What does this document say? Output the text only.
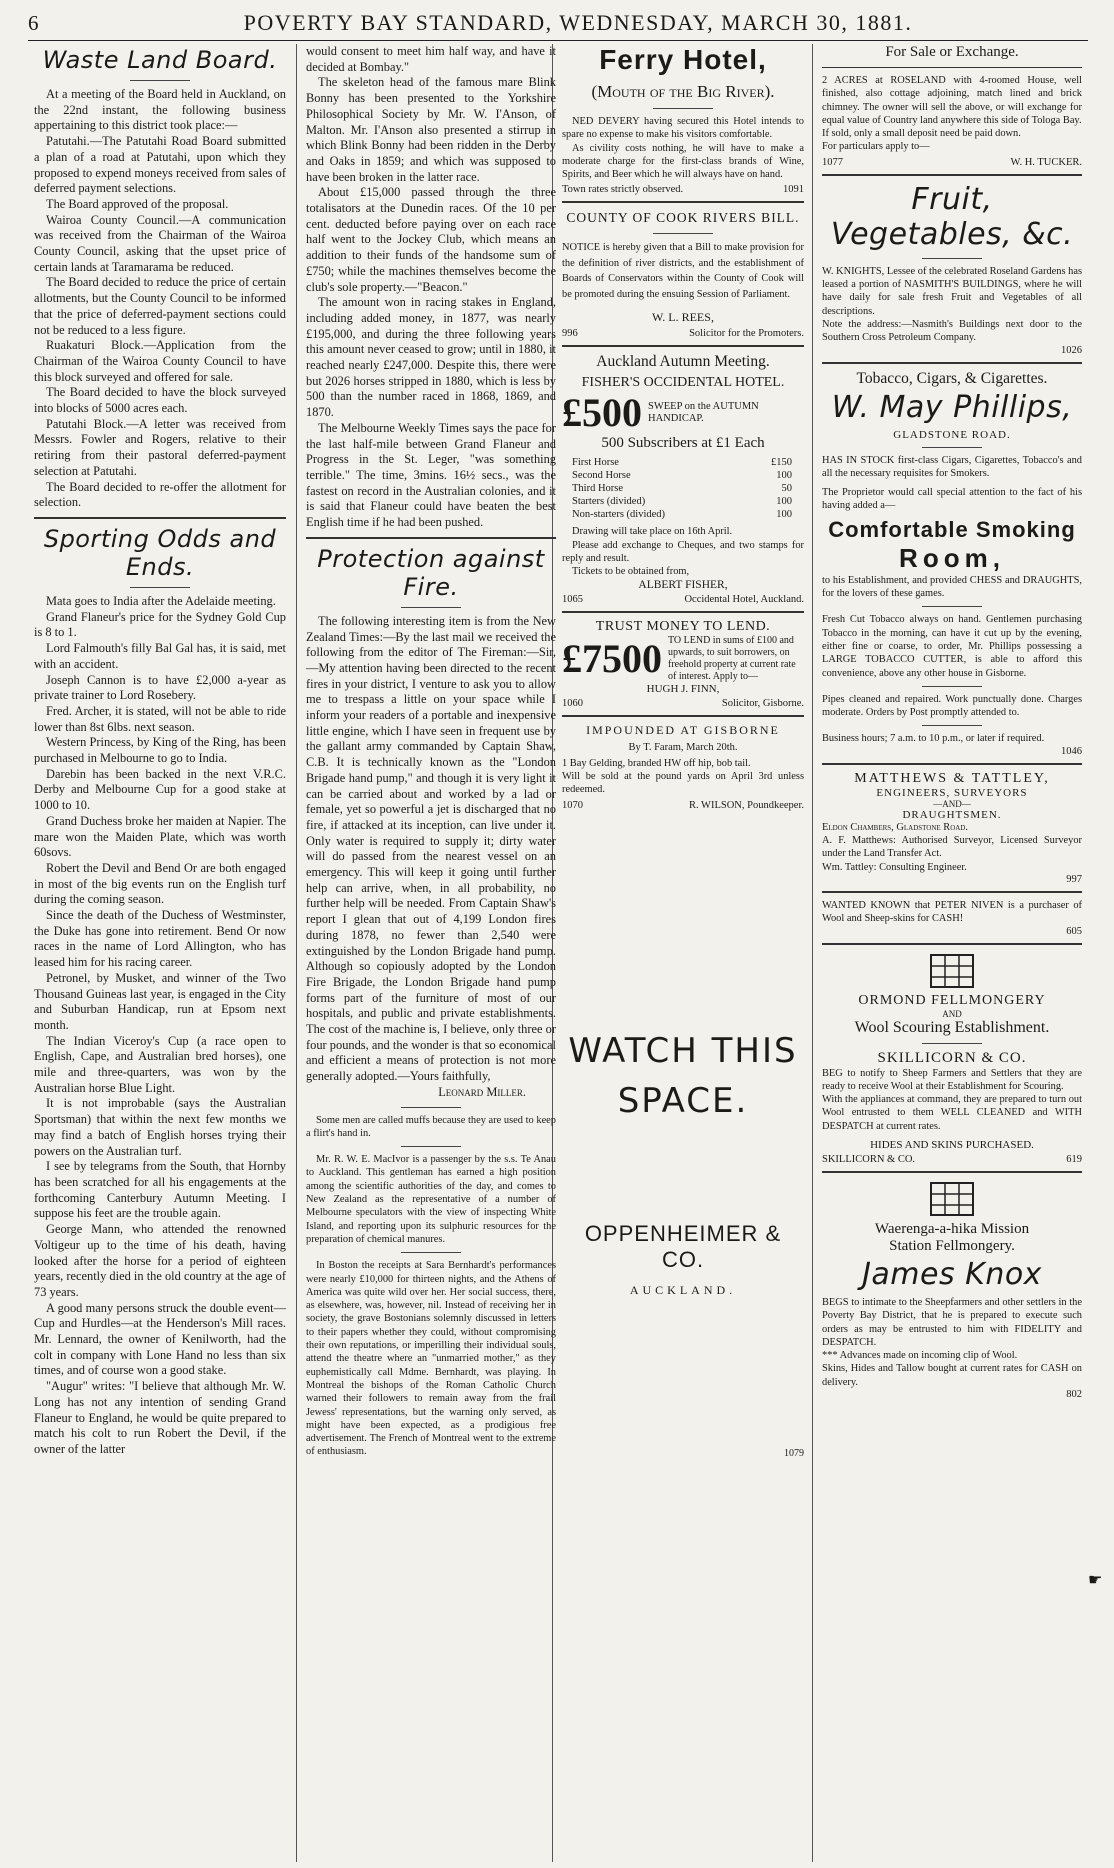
6	POVERTY BAY STANDARD, WEDNESDAY, MARCH 30, 1881.
Waste Land Board.

At a meeting of the Board held in Auckland, on the 22nd instant, the following business appertaining to this district took place:—

Patutahi.—The Patutahi Road Board submitted a plan of a road at Patutahi, upon which they proposed to expend moneys received from sales of deferred payment selections.

The Board approved of the proposal.

Wairoa County Council.—A communication was received from the Chairman of the Wairoa County Council, asking that the upset price of certain lands at Taramarama be reduced.

The Board decided to reduce the price of certain allotments, but the County Council to be informed that the price of deferred-payment sections could not be reduced to a less figure.

Ruakaturi Block.—Application from the Chairman of the Wairoa County Council to have this block surveyed and offered for sale.

The Board decided to have the block surveyed into blocks of 5000 acres each.

Patutahi Block.—A letter was received from Messrs. Fowler and Rogers, relative to their retiring from their pastoral deferred-payment selection at Patutahi.

The Board decided to re-offer the allotment for selection.

Sporting Odds and Ends.

Mata goes to India after the Adelaide meeting.

Grand Flaneur's price for the Sydney Gold Cup is 8 to 1.

Lord Falmouth's filly Bal Gal has, it is said, met with an accident.

Joseph Cannon is to have £2,000 a-year as private trainer to Lord Rosebery.

Fred. Archer, it is stated, will not be able to ride lower than 8st 6lbs. next season.

Western Princess, by King of the Ring, has been purchased in Melbourne to go to India.

Darebin has been backed in the next V.R.C. Derby and Melbourne Cup for a good stake at 1000 to 10.

Grand Duchess broke her maiden at Napier. The mare won the Maiden Plate, which was worth 60sovs.

Robert the Devil and Bend Or are both engaged in most of the big events run on the English turf during the coming season.

Since the death of the Duchess of Westminster, the Duke has gone into retirement. Bend Or now races in the name of Lord Allington, who has leased him for his racing career.

Petronel, by Musket, and winner of the Two Thousand Guineas last year, is engaged in the City and Suburban Handicap, run at Epsom next month.

The Indian Viceroy's Cup (a race open to English, Cape, and Australian bred horses), one mile and three-quarters, was won by the Australian horse Blue Light.

It is not improbable (says the Australian Sportsman) that within the next few months we may find a batch of English horses trying their powers on the Australian turf.

I see by telegrams from the South, that Hornby has been scratched for all his engagements at the forthcoming Canterbury Autumn Meeting. I suppose his feet are the trouble again.

George Mann, who attended the renowned Voltigeur up to the time of his death, having looked after the horse for a period of eighteen years, recently died in the old country at the age of 73 years.

A good many persons struck the double event—Cup and Hurdles—at the Henderson's Mill races. Mr. Lennard, the owner of Kenilworth, had the colt in company with Lone Hand no less than six times, and of course won a good stake.

"Augur" writes: "I believe that although Mr. W. Long has not any intention of sending Grand Flaneur to England, he would be quite prepared to match his colt to run Robert the Devil, if the owner of the latter

would consent to meet him half way, and have it decided at Bombay."

The skeleton head of the famous mare Blink Bonny has been presented to the Yorkshire Philosophical Society by Mr. W. I'Anson, of Malton. Mr. I'Anson also presented a stirrup in which Blink Bonny had been ridden in the Derby and Oaks in 1859; and which was supposed to have been broken in the latter race.

About £15,000 passed through the three totalisators at the Dunedin races. Of the 10 per cent. deducted before paying over on each race half went to the Jockey Club, which means an addition to their funds of the handsome sum of £750; while the machines themselves become the club's sole property.—"Beacon."

The amount won in racing stakes in England, including added money, in 1877, was nearly £195,000, and during the three following years this amount never ceased to grow; until in 1880, it reached nearly £247,000. Despite this, there were but 2026 horses stripped in 1880, which is less by 500 than the number raced in 1868, 1869, and 1870.

The Melbourne Weekly Times says the pace for the last half-mile between Grand Flaneur and Progress in the St. Leger, "was something terrible." The time, 3mins. 16½ secs., was the fastest on record in the Australian colonies, and it is said that Flaneur could have beaten the best English time if he had been pushed.

Protection against Fire.

The following interesting item is from the New Zealand Times:—By the last mail we received the following from the editor of The Fireman:—Sir,—My attention having been directed to the recent fires in your district, I venture to ask you to allow me to trespass a little on your space while I inform your readers of a portable and inexpensive little engine, which I have seen in frequent use by the gallant army commanded by Captain Shaw, C.B. It is technically known as the "London Brigade hand pump," and though it is very light it can be carried about and worked by a lad or female, yet so powerful a jet is discharged that no fire, if attacked at its inception, can live under it. Only water is required to supply it; dirty water will do passed from the nearest vessel on an emergency. This will keep it going until further help can arrive, when, in all probability, no further help will be needed. From Captain Shaw's report I glean that out of 4,199 London fires during 1878, no fewer than 2,540 were extinguished by the London Brigade hand pump. Although so copiously adopted by the London Fire Brigade, the London Brigade hand pump forms part of the furniture of most of our hospitals, and public and private establishments. The cost of the machine is, I believe, only three or four pounds, and the wonder is that so economical and efficient a means of protection is not more generally adopted.—Yours faithfully,

Leonard Miller.

Some men are called muffs because they are used to keep a flirt's hand in.

Mr. R. W. E. MacIvor is a passenger by the s.s. Te Anau to Auckland. This gentleman has earned a high position among the scientific authorities of the day, and comes to New Zealand as the representative of a number of Melbourne speculators with the view of inspecting White Island, and reporting upon its sulphuric resources for the preparation of chemical manures.

In Boston the receipts at Sara Bernhardt's performances were nearly £10,000 for thirteen nights, and the Athens of America was quite wild over her. Her social success, there, as elsewhere, was, however, nil. Instead of receiving her in society, the grave Bostonians solemnly discussed in letters to their papers whether they could, without compromising their own reputations, or imperilling their individual souls, attend the theatre where an "unmarried mother," as they euphemistically call Mdme. Bernhardt, was playing. In Montreal the bishops of the Roman Catholic Church warned their followers to remain away from the frail Jewess' representations, but the warning only served, as might have been expected, as a prodigious free advertisement. The French of Montreal went to the extreme of enthusiasm.

Ferry Hotel,
(Mouth of the Big River).

NED DEVERY having secured this Hotel intends to spare no expense to make his visitors comfortable.

As civility costs nothing, he will have to make a moderate charge for the first-class brands of Wine, Spirits, and Beer which he will always have on hand.

Town rates strictly observed.	1091
COUNTY OF COOK RIVERS BILL.
NOTICE is hereby given that a Bill to make provision for the definition of river districts, and the establishment of Boards of Conservators within the County of Cook will be promoted during the ensuing Session of Parliament.
W. L. REES,
996	Solicitor for the Promoters.
Auckland Autumn Meeting.
FISHER'S OCCIDENTAL HOTEL.
£500 SWEEP on the AUTUMN HANDICAP.
500 Subscribers at £1 Each
First Horse	£150
Second Horse	100
Third Horse	50
Starters (divided)	100
Non-starters (divided)	100

Drawing will take place on 16th April.

Please add exchange to Cheques, and two stamps for reply and result.

Tickets to be obtained from,

ALBERT FISHER,
1065	Occidental Hotel, Auckland.
TRUST MONEY TO LEND.
£7500 TO LEND in sums of £100 and upwards, to suit borrowers, on freehold property at current rate of interest. Apply to—
HUGH J. FINN,
1060	Solicitor, Gisborne.
IMPOUNDED AT GISBORNE
By T. Faram, March 20th.
1 Bay Gelding, branded HW off hip, bob tail.
Will be sold at the pound yards on April 3rd unless redeemed.
1070	R. WILSON, Poundkeeper.
WATCH THIS
SPACE.
OPPENHEIMER & CO.
AUCKLAND.
1079
For Sale or Exchange.
2 ACRES at ROSELAND with 4-roomed House, well finished, also cottage adjoining, match lined and brick chimney. The owner will sell the above, or will exchange for equal value of Country land anywhere this side of Tologa Bay.
If sold, only a small deposit need be paid down.
For particulars apply to—
1077	W. H. TUCKER.
Fruit, Vegetables, &c.
W. KNIGHTS, Lessee of the celebrated Roseland Gardens has leased a portion of NASMITH'S BUILDINGS, where he will have daily for sale fresh Fruit and Vegetables of all descriptions.
Note the address:—Nasmith's Buildings next door to the Southern Cross Petroleum Company.
1026
Tobacco, Cigars, & Cigarettes.
W. May Phillips,
GLADSTONE ROAD.
HAS IN STOCK first-class Cigars, Cigarettes, Tobacco's and all the necessary requisites for Smokers.
The Proprietor would call special attention to the fact of his having added a—
Comfortable Smoking
Room,
to his Establishment, and provided CHESS and DRAUGHTS, for the lovers of these games.
Fresh Cut Tobacco always on hand. Gentlemen purchasing Tobacco in the morning, can have it cut up by the evening, either fine or coarse, to order, Mr. Phillips possessing a LARGE TOBACCO CUTTER, is able to afford this convenience, above any other house in Gisborne.
Pipes cleaned and repaired. Work punctually done. Charges moderate. Orders by Post promptly attended to.
Business hours; 7 a.m. to 10 p.m., or later if required.
1046
MATTHEWS & TATTLEY,
ENGINEERS, SURVEYORS
—AND—
DRAUGHTSMEN.
Eldon Chambers, Gladstone Road.
A. F. Matthews: Authorised Surveyor, Licensed Surveyor under the Land Transfer Act.
Wm. Tattley: Consulting Engineer.
997
WANTED KNOWN that PETER NIVEN is a purchaser of Wool and Sheep-skins for CASH!
605
ORMOND FELLMONGERY
AND
Wool Scouring Establishment.
SKILLICORN & CO.
BEG to notify to Sheep Farmers and Settlers that they are ready to receive Wool at their Establishment for Scouring.
With the appliances at command, they are prepared to turn out Wool entrusted to them WELL CLEANED and WITH DESPATCH at current rates.
HIDES AND SKINS PURCHASED.
SKILLICORN & CO.	619
Waerenga-a-hika Mission
Station Fellmongery.
James Knox
BEGS to intimate to the Sheepfarmers and other settlers in the Poverty Bay District, that he is prepared to execute such orders as may be entrusted to him with FIDELITY and DESPATCH.
*** Advances made on incoming clip of Wool.
Skins, Hides and Tallow bought at current rates for CASH on delivery.
802
☛
